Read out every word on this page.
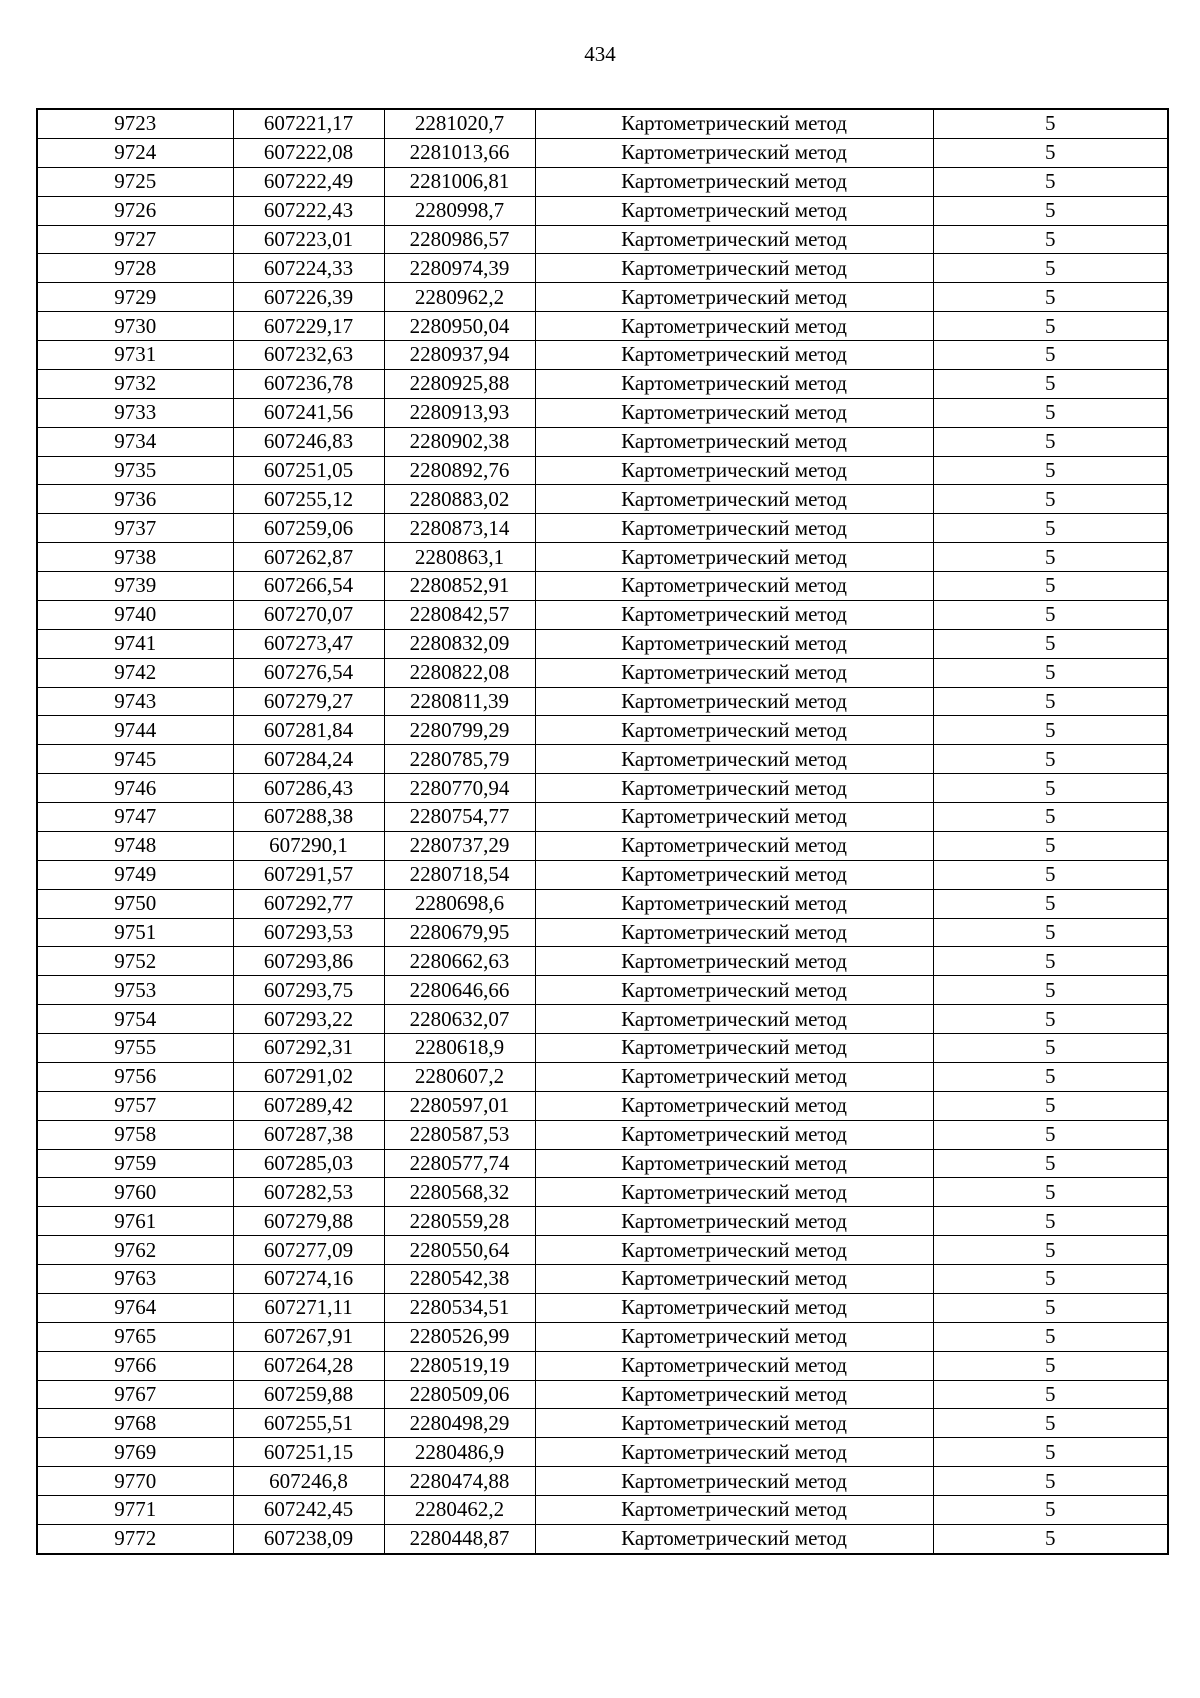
434
9723	607221,17	2281020,7	Картометрический метод	5
9724	607222,08	2281013,66	Картометрический метод	5
9725	607222,49	2281006,81	Картометрический метод	5
9726	607222,43	2280998,7	Картометрический метод	5
9727	607223,01	2280986,57	Картометрический метод	5
9728	607224,33	2280974,39	Картометрический метод	5
9729	607226,39	2280962,2	Картометрический метод	5
9730	607229,17	2280950,04	Картометрический метод	5
9731	607232,63	2280937,94	Картометрический метод	5
9732	607236,78	2280925,88	Картометрический метод	5
9733	607241,56	2280913,93	Картометрический метод	5
9734	607246,83	2280902,38	Картометрический метод	5
9735	607251,05	2280892,76	Картометрический метод	5
9736	607255,12	2280883,02	Картометрический метод	5
9737	607259,06	2280873,14	Картометрический метод	5
9738	607262,87	2280863,1	Картометрический метод	5
9739	607266,54	2280852,91	Картометрический метод	5
9740	607270,07	2280842,57	Картометрический метод	5
9741	607273,47	2280832,09	Картометрический метод	5
9742	607276,54	2280822,08	Картометрический метод	5
9743	607279,27	2280811,39	Картометрический метод	5
9744	607281,84	2280799,29	Картометрический метод	5
9745	607284,24	2280785,79	Картометрический метод	5
9746	607286,43	2280770,94	Картометрический метод	5
9747	607288,38	2280754,77	Картометрический метод	5
9748	607290,1	2280737,29	Картометрический метод	5
9749	607291,57	2280718,54	Картометрический метод	5
9750	607292,77	2280698,6	Картометрический метод	5
9751	607293,53	2280679,95	Картометрический метод	5
9752	607293,86	2280662,63	Картометрический метод	5
9753	607293,75	2280646,66	Картометрический метод	5
9754	607293,22	2280632,07	Картометрический метод	5
9755	607292,31	2280618,9	Картометрический метод	5
9756	607291,02	2280607,2	Картометрический метод	5
9757	607289,42	2280597,01	Картометрический метод	5
9758	607287,38	2280587,53	Картометрический метод	5
9759	607285,03	2280577,74	Картометрический метод	5
9760	607282,53	2280568,32	Картометрический метод	5
9761	607279,88	2280559,28	Картометрический метод	5
9762	607277,09	2280550,64	Картометрический метод	5
9763	607274,16	2280542,38	Картометрический метод	5
9764	607271,11	2280534,51	Картометрический метод	5
9765	607267,91	2280526,99	Картометрический метод	5
9766	607264,28	2280519,19	Картометрический метод	5
9767	607259,88	2280509,06	Картометрический метод	5
9768	607255,51	2280498,29	Картометрический метод	5
9769	607251,15	2280486,9	Картометрический метод	5
9770	607246,8	2280474,88	Картометрический метод	5
9771	607242,45	2280462,2	Картометрический метод	5
9772	607238,09	2280448,87	Картометрический метод	5
